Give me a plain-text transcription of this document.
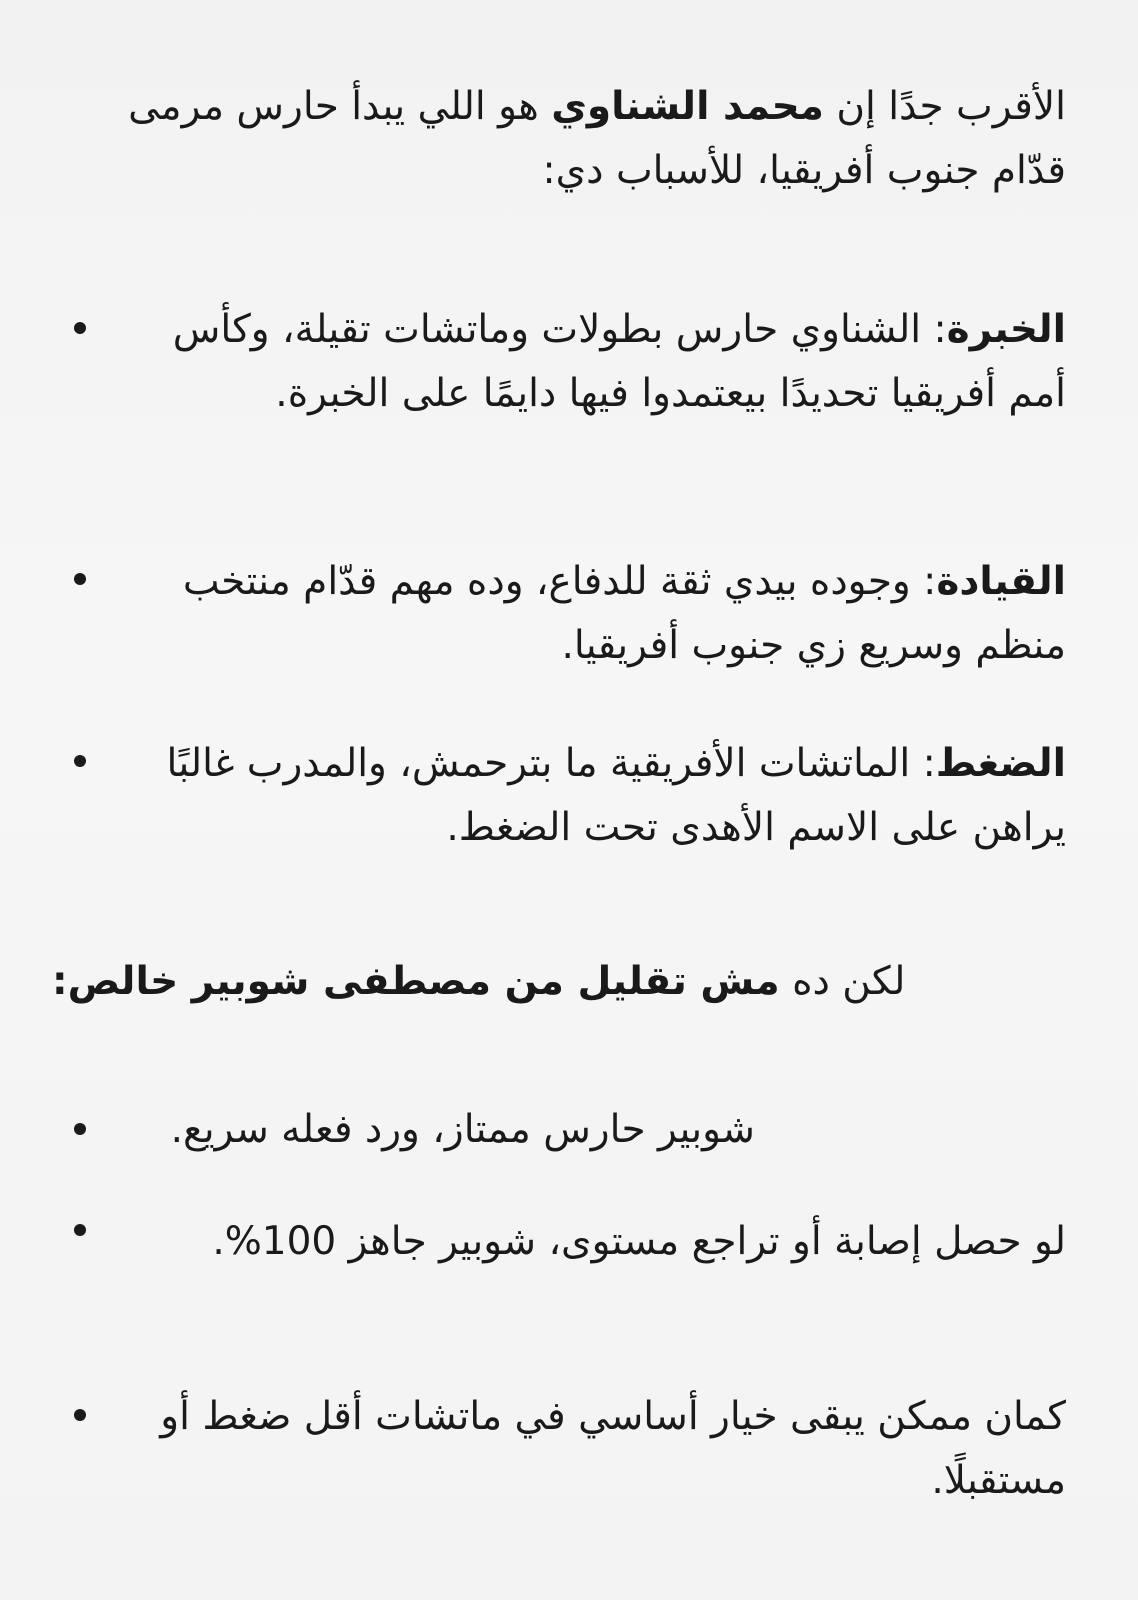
الأقرب جدًا إن محمد الشناوي هو اللي يبدأ حارس مرمى قدّام جنوب أفريقيا، للأسباب دي:

الخبرة: الشناوي حارس بطولات وماتشات تقيلة، وكأس أمم أفريقيا تحديدًا بيعتمدوا فيها دايمًا على الخبرة.
القيادة: وجوده بيدي ثقة للدفاع، وده مهم قدّام منتخب منظم وسريع زي جنوب أفريقيا.
الضغط: الماتشات الأفريقية ما بترحمش، والمدرب غالبًا يراهن على الاسم الأهدى تحت الضغط.
لكن ده مش تقليل من مصطفى شوبير خالص:
شوبير حارس ممتاز، ورد فعله سريع.
لو حصل إصابة أو تراجع مستوى، شوبير جاهز 100%.
كمان ممكن يبقى خيار أساسي في ماتشات أقل ضغط أو مستقبلًا.
